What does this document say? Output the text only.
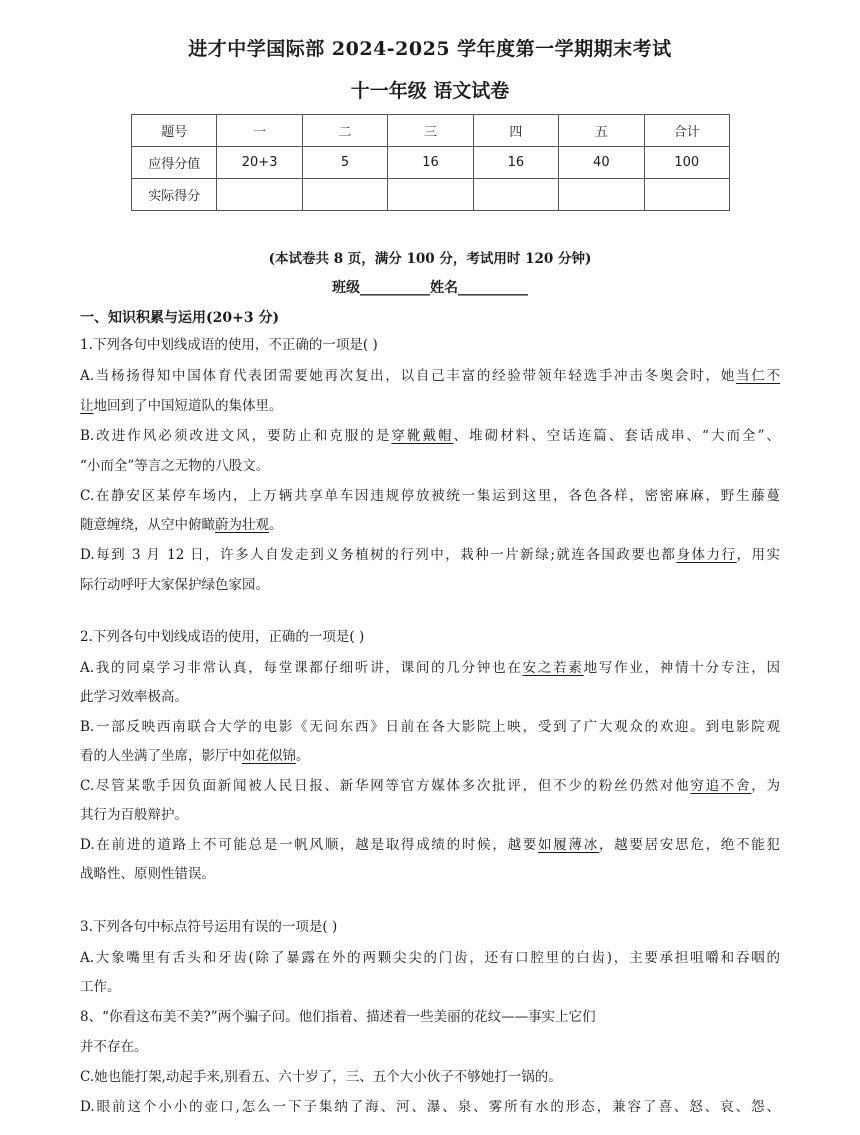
进才中学国际部 2024-2025 学年度第一学期期末考试
十一年级 语文试卷
题号	一	二	三	四	五	合计
应得分值	20+3	5	16	16	40	100
实际得分						
(本试卷共 8 页，满分 100 分，考试用时 120 分钟)
班级__________姓名__________
一、知识积累与运用(20+3 分)
1.下列各句中划线成语的使用，不正确的一项是( )
A.当杨扬得知中国体育代表团需要她再次复出，以自己丰富的经验带领年轻选手冲击冬奥会时，她当仁不
让地回到了中国短道队的集体里。
B.改进作风必须改进文风，要防止和克服的是穿靴戴帽、堆砌材料、空话连篇、套话成串、“大而全”、
“小而全”等言之无物的八股文。
C.在静安区某停车场内，上万辆共享单车因违规停放被统一集运到这里，各色各样，密密麻麻，野生藤蔓
随意缠绕，从空中俯瞰蔚为壮观。
D.每到 3 月 12 日，许多人自发走到义务植树的行列中，栽种一片新绿;就连各国政要也都身体力行，用实
际行动呼吁大家保护绿色家园。
2.下列各句中划线成语的使用，正确的一项是( )
A.我的同桌学习非常认真，每堂课都仔细听讲，课间的几分钟也在安之若素地写作业，神情十分专注，因
此学习效率极高。
B.一部反映西南联合大学的电影《无问东西》日前在各大影院上映，受到了广大观众的欢迎。到电影院观
看的人坐满了坐席，影厅中如花似锦。
C.尽管某歌手因负面新闻被人民日报、新华网等官方媒体多次批评，但不少的粉丝仍然对他穷追不舍，为
其行为百般辩护。
D.在前进的道路上不可能总是一帆风顺，越是取得成绩的时候，越要如履薄冰，越要居安思危，绝不能犯
战略性、原则性错误。
3.下列各句中标点符号运用有误的一项是( )
A.大象嘴里有舌头和牙齿(除了暴露在外的两颗尖尖的门齿，还有口腔里的白齿)，主要承担咀嚼和吞咽的
工作。
8、“你看这布美不美?”两个骗子问。他们指着、描述着一些美丽的花纹——事实上它们
并不存在。
C.她也能打架,动起手来,别看五、六十岁了，三、五个大小伙子不够她打一锅的。
D.眼前这个小小的壶口,怎么一下子集纳了海、河、瀑、泉、雾所有水的形态，兼容了喜、怒、哀、怨、
